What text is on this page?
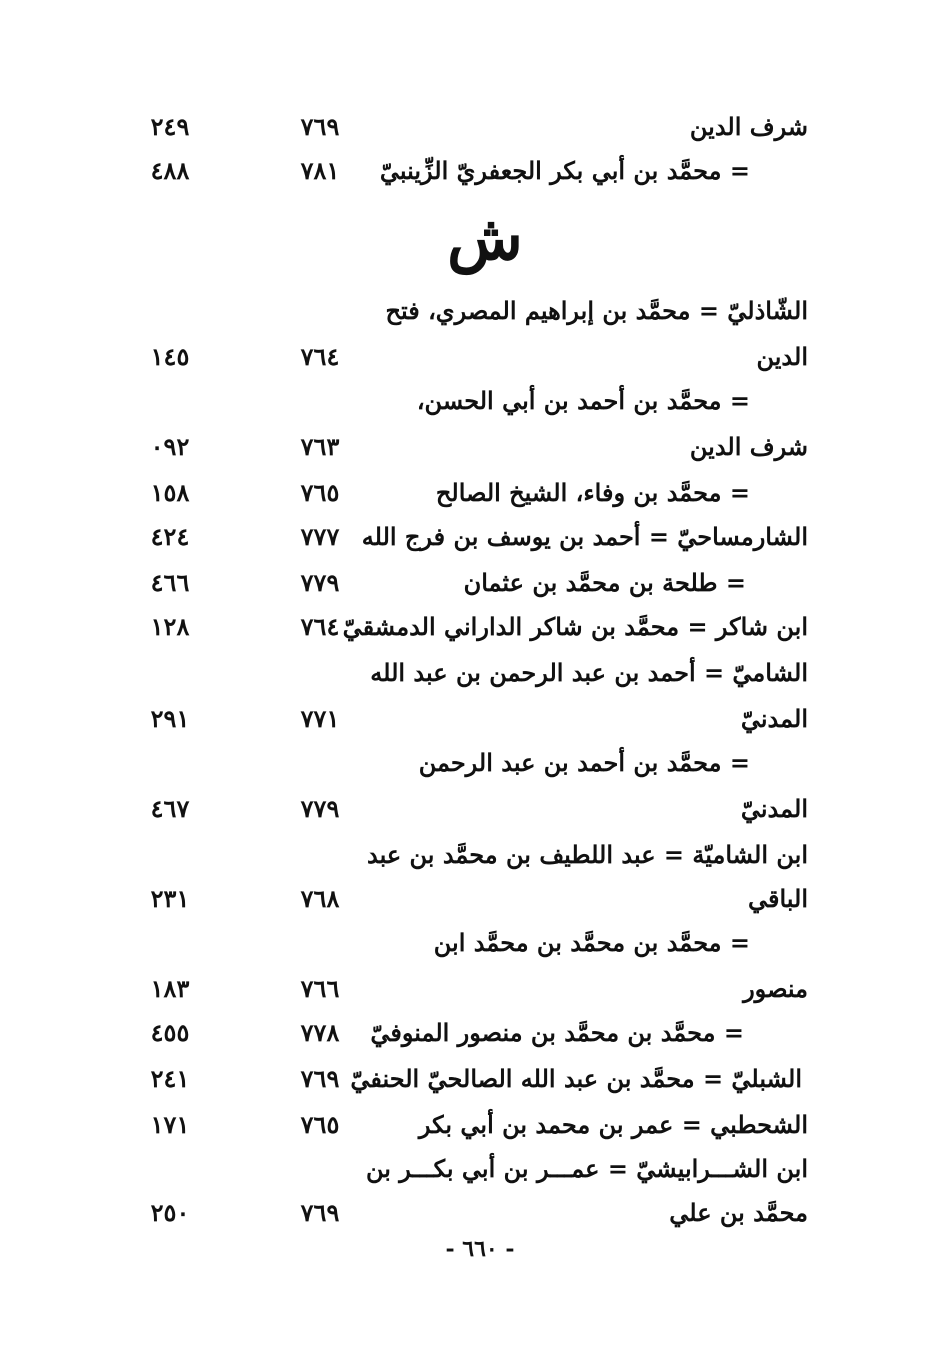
شرف الدين
٧٦٩
٢٤٩
= محمَّد بن أبي بكر الجعفريّ الزِّينبيّ
٧٨١
٤٨٨
ش
الشّاذليّ = محمَّد بن إبراهيم المصري، فتح
الدين
٧٦٤
١٤٥
= محمَّد بن أحمد بن أبي الحسن،
شرف الدين
٧٦٣
٠٩٢
= محمَّد بن وفاء، الشيخ الصالح
٧٦٥
١٥٨
الشارمساحيّ = أحمد بن يوسف بن فرج الله
٧٧٧
٤٢٤
= طلحة بن محمَّد بن عثمان
٧٧٩
٤٦٦
ابن شاكر = محمَّد بن شاكر الداراني الدمشقيّ
٧٦٤
١٢٨
الشاميّ = أحمد بن عبد الرحمن بن عبد الله
المدنيّ
٧٧١
٢٩١
= محمَّد بن أحمد بن عبد الرحمن
المدنيّ
٧٧٩
٤٦٧
ابن الشاميّة = عبد اللطيف بن محمَّد بن عبد
الباقي
٧٦٨
٢٣١
= محمَّد بن محمَّد بن محمَّد ابن
منصور
٧٦٦
١٨٣
= محمَّد بن محمَّد بن منصور المنوفيّ
٧٧٨
٤٥٥
الشبليّ = محمَّد بن عبد الله الصالحيّ الحنفيّ
٧٦٩
٢٤١
الشحطبي = عمر بن محمد بن أبي بكر
٧٦٥
١٧١
ابن الشـــرابيشيّ = عمـــر بن أبي بكـــر بن
محمَّد بن علي
٧٦٩
٢٥٠
- ٦٦٠ -
